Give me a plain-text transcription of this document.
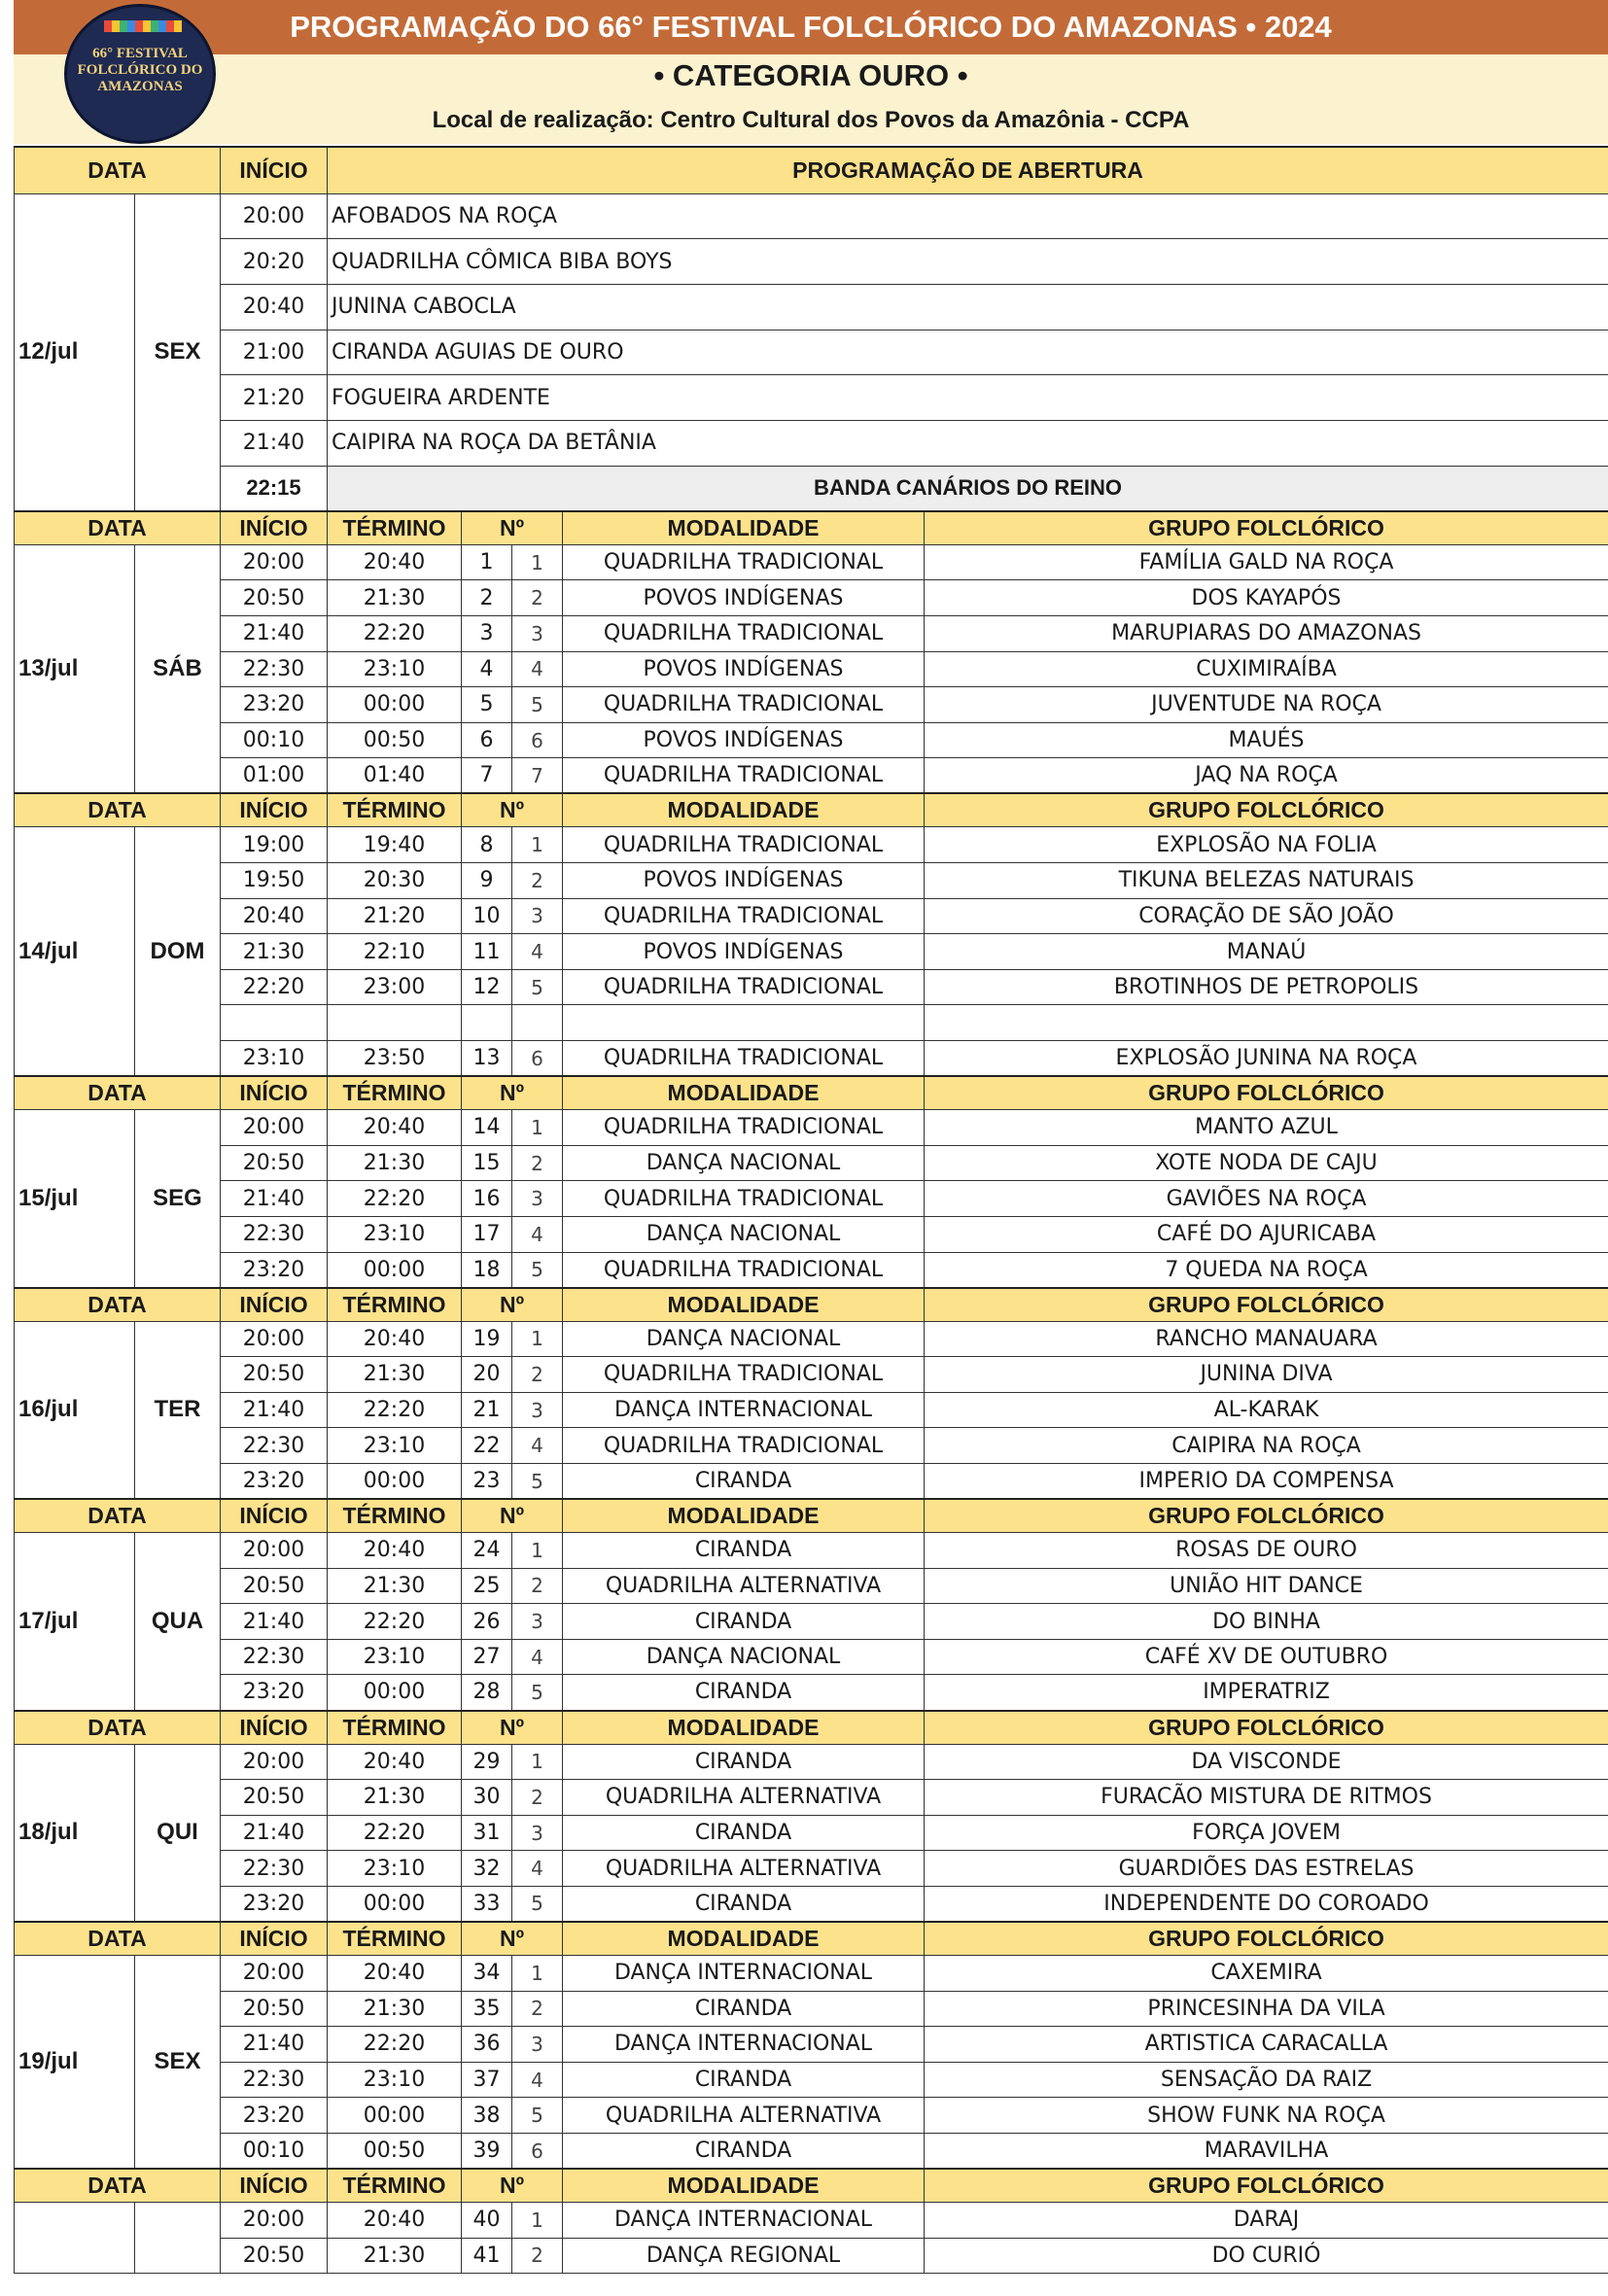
PROGRAMAÇÃO DO 66° FESTIVAL FOLCLÓRICO DO AMAZONAS • 2024
• CATEGORIA OURO •
Local de realização: Centro Cultural dos Povos da Amazônia - CCPA
66° FESTIVAL FOLCLÓRICO DO AMAZONAS
DATA		INÍCIO	PROGRAMAÇÃO DE ABERTURA				
12/jul	SEX	20:00	AFOBADOS NA ROÇA				
		20:20	QUADRILHA CÔMICA BIBA BOYS				
		20:40	JUNINA CABOCLA				
		21:00	CIRANDA AGUIAS DE OURO				
		21:20	FOGUEIRA ARDENTE				
		21:40	CAIPIRA NA ROÇA DA BETÂNIA				
		22:15	BANDA CANÁRIOS DO REINO				
DATA		INÍCIO	TÉRMINO	Nº		MODALIDADE	GRUPO FOLCLÓRICO
13/jul	SÁB	20:00	20:40	1	1	QUADRILHA TRADICIONAL	FAMÍLIA GALD NA ROÇA
		20:50	21:30	2	2	POVOS INDÍGENAS	DOS KAYAPÓS
		21:40	22:20	3	3	QUADRILHA TRADICIONAL	MARUPIARAS DO AMAZONAS
		22:30	23:10	4	4	POVOS INDÍGENAS	CUXIMIRAÍBA
		23:20	00:00	5	5	QUADRILHA TRADICIONAL	JUVENTUDE NA ROÇA
		00:10	00:50	6	6	POVOS INDÍGENAS	MAUÉS
		01:00	01:40	7	7	QUADRILHA TRADICIONAL	JAQ NA ROÇA
DATA		INÍCIO	TÉRMINO	Nº		MODALIDADE	GRUPO FOLCLÓRICO
14/jul	DOM	19:00	19:40	8	1	QUADRILHA TRADICIONAL	EXPLOSÃO NA FOLIA
		19:50	20:30	9	2	POVOS INDÍGENAS	TIKUNA BELEZAS NATURAIS
		20:40	21:20	10	3	QUADRILHA TRADICIONAL	CORAÇÃO DE SÃO JOÃO
		21:30	22:10	11	4	POVOS INDÍGENAS	MANAÚ
		22:20	23:00	12	5	QUADRILHA TRADICIONAL	BROTINHOS DE PETROPOLIS

		23:10	23:50	13	6	QUADRILHA TRADICIONAL	EXPLOSÃO JUNINA NA ROÇA
DATA		INÍCIO	TÉRMINO	Nº		MODALIDADE	GRUPO FOLCLÓRICO
15/jul	SEG	20:00	20:40	14	1	QUADRILHA TRADICIONAL	MANTO AZUL
		20:50	21:30	15	2	DANÇA NACIONAL	XOTE NODA DE CAJU
		21:40	22:20	16	3	QUADRILHA TRADICIONAL	GAVIÕES NA ROÇA
		22:30	23:10	17	4	DANÇA NACIONAL	CAFÉ DO AJURICABA
		23:20	00:00	18	5	QUADRILHA TRADICIONAL	7 QUEDA NA ROÇA
DATA		INÍCIO	TÉRMINO	Nº		MODALIDADE	GRUPO FOLCLÓRICO
16/jul	TER	20:00	20:40	19	1	DANÇA NACIONAL	RANCHO MANAUARA
		20:50	21:30	20	2	QUADRILHA TRADICIONAL	JUNINA DIVA
		21:40	22:20	21	3	DANÇA INTERNACIONAL	AL-KARAK
		22:30	23:10	22	4	QUADRILHA TRADICIONAL	CAIPIRA NA ROÇA
		23:20	00:00	23	5	CIRANDA	IMPERIO DA COMPENSA
DATA		INÍCIO	TÉRMINO	Nº		MODALIDADE	GRUPO FOLCLÓRICO
17/jul	QUA	20:00	20:40	24	1	CIRANDA	ROSAS DE OURO
		20:50	21:30	25	2	QUADRILHA ALTERNATIVA	UNIÃO HIT DANCE
		21:40	22:20	26	3	CIRANDA	DO BINHA
		22:30	23:10	27	4	DANÇA NACIONAL	CAFÉ XV DE OUTUBRO
		23:20	00:00	28	5	CIRANDA	IMPERATRIZ
DATA		INÍCIO	TÉRMINO	Nº		MODALIDADE	GRUPO FOLCLÓRICO
18/jul	QUI	20:00	20:40	29	1	CIRANDA	DA VISCONDE
		20:50	21:30	30	2	QUADRILHA ALTERNATIVA	FURACÃO MISTURA DE RITMOS
		21:40	22:20	31	3	CIRANDA	FORÇA JOVEM
		22:30	23:10	32	4	QUADRILHA ALTERNATIVA	GUARDIÕES DAS ESTRELAS
		23:20	00:00	33	5	CIRANDA	INDEPENDENTE DO COROADO
DATA		INÍCIO	TÉRMINO	Nº		MODALIDADE	GRUPO FOLCLÓRICO
19/jul	SEX	20:00	20:40	34	1	DANÇA INTERNACIONAL	CAXEMIRA
		20:50	21:30	35	2	CIRANDA	PRINCESINHA DA VILA
		21:40	22:20	36	3	DANÇA INTERNACIONAL	ARTISTICA CARACALLA
		22:30	23:10	37	4	CIRANDA	SENSAÇÃO DA RAIZ
		23:20	00:00	38	5	QUADRILHA ALTERNATIVA	SHOW FUNK NA ROÇA
		00:10	00:50	39	6	CIRANDA	MARAVILHA
DATA		INÍCIO	TÉRMINO	Nº		MODALIDADE	GRUPO FOLCLÓRICO
		20:00	20:40	40	1	DANÇA INTERNACIONAL	DARAJ
		20:50	21:30	41	2	DANÇA REGIONAL	DO CURIÓ
